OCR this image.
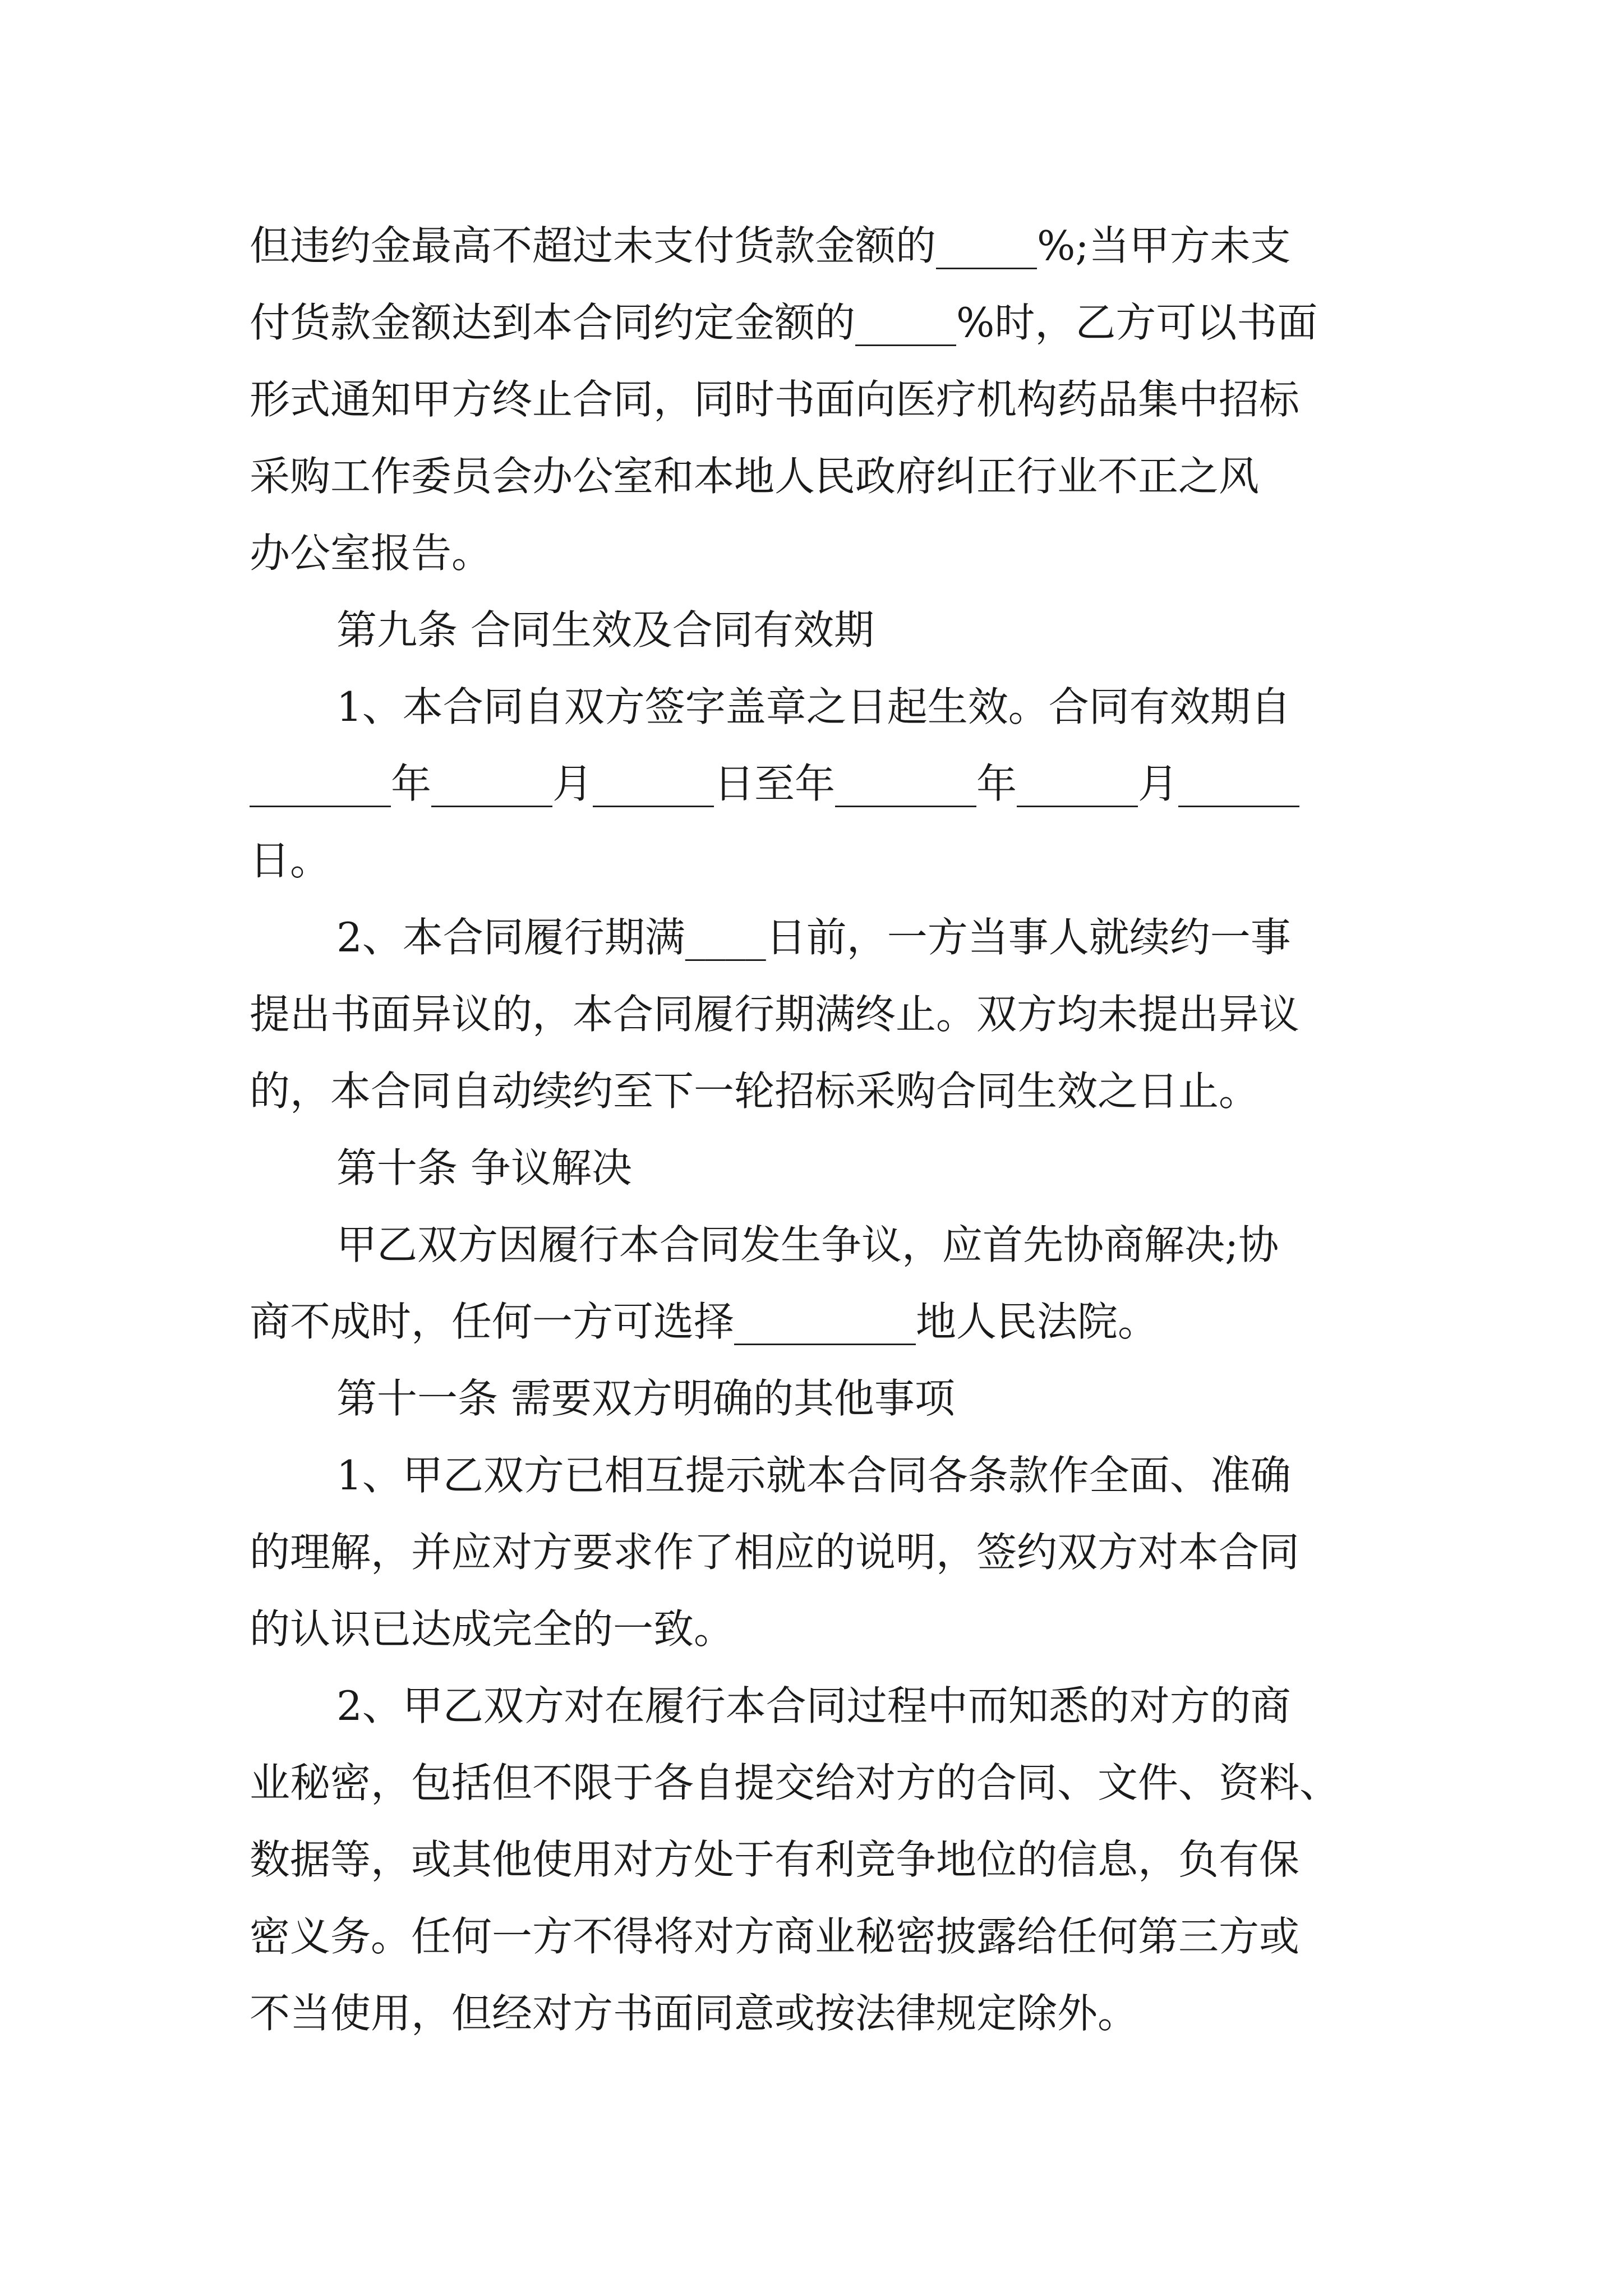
但违约金最高不超过未支付货款金额的_____%;当甲方未支
付货款金额达到本合同约定金额的_____%时，乙方可以书面
形式通知甲方终止合同，同时书面向医疗机构药品集中招标
采购工作委员会办公室和本地人民政府纠正行业不正之风
办公室报告。
第九条 合同生效及合同有效期
1、本合同自双方签字盖章之日起生效。合同有效期自
_______年______月______日至年_______年______月______
日。
2、本合同履行期满____日前，一方当事人就续约一事
提出书面异议的，本合同履行期满终止。双方均未提出异议
的，本合同自动续约至下一轮招标采购合同生效之日止。
第十条 争议解决
甲乙双方因履行本合同发生争议，应首先协商解决;协
商不成时，任何一方可选择_________地人民法院。
第十一条 需要双方明确的其他事项
1、甲乙双方已相互提示就本合同各条款作全面、准确
的理解，并应对方要求作了相应的说明，签约双方对本合同
的认识已达成完全的一致。
2、甲乙双方对在履行本合同过程中而知悉的对方的商
业秘密，包括但不限于各自提交给对方的合同、文件、资料、
数据等，或其他使用对方处于有利竞争地位的信息，负有保
密义务。任何一方不得将对方商业秘密披露给任何第三方或
不当使用，但经对方书面同意或按法律规定除外。
